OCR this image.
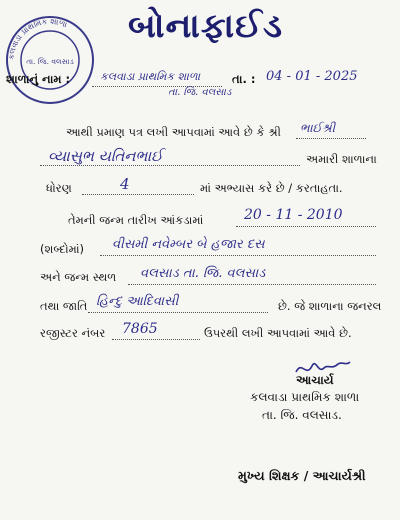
કલવાડા પ્રાથમિક શાળા
તા. જિ. વલસાડ
બોનાફાઈડ
શાળાનું નામ :	કલવાડા પ્રાથમિક શાળા	તા. : 04 - 01 - 2025
તા. જિ. વલસાડ
આથી પ્રમાણ પત્ર લખી આપવામાં આવે છે કે શ્રી ભાઈશ્રી
વ્યાસુભ યતિનભાઈ	અમારી શાળાના
ધોરણ	4	માં અભ્યાસ કરે છે / કરતાહતા.
તેમની જન્મ તારીખ આંકડામાં	20 - 11 - 2010
(શબ્દોમાં) વીસમી નવેમ્બર બે હજાર દસ
અને જન્મ સ્થળ વલસાડ તા. જિ. વલસાડ
તથા જાતિ હિન્દુ આદિવાસી	છે. જે શાળાના જનરલ
રજીસ્ટર નંબર 7865	ઉપરથી લખી આપવામાં આવે છે.
આચાર્ય
કલવાડા પ્રાથમિક શાળા
તા. જિ. વલસાડ.
મુખ્ય શિક્ષક / આચાર્યશ્રી
